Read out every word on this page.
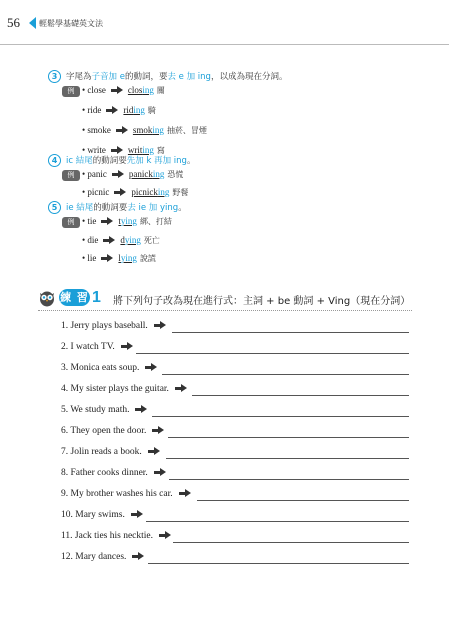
56 輕鬆學基礎英文法
3 字尾為子音加 e的動詞，要去 e 加 ing，以成為現在分詞。
例 • close closing 關
• ride riding 騎
• smoke smoking 抽菸、冒煙
• write writing 寫
4 ic 結尾的動詞要先加 k 再加 ing。
例 • panic panicking 恐慌
• picnic picnicking 野餐
5 ie 結尾的動詞要去 ie 加 ying。
例 • tie tying 綁、打結
• die dying 死亡
• lie lying 說謊
練 習 1 將下列句子改為現在進行式：主詞 + be 動詞 + Ving（現在分詞）
1. Jerry plays baseball.
2. I watch TV.
3. Monica eats soup.
4. My sister plays the guitar.
5. We study math.
6. They open the door.
7. Jolin reads a book.
8. Father cooks dinner.
9. My brother washes his car.
10. Mary swims.
11. Jack ties his necktie.
12. Mary dances.
